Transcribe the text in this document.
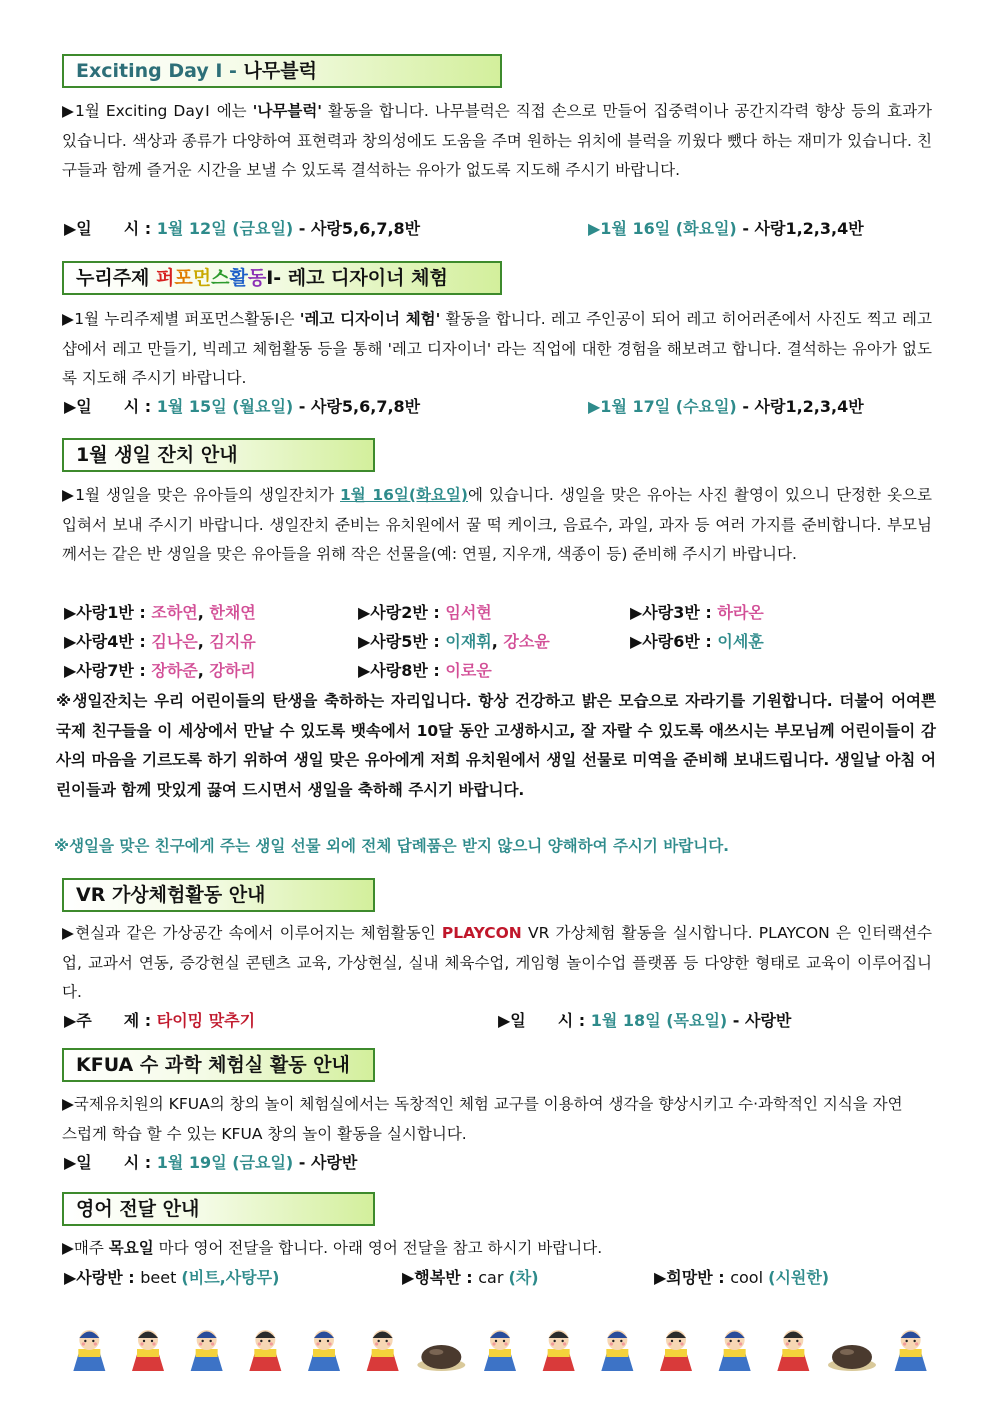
Exciting Day Ⅰ - 나무블럭
▶1월 Exciting DayⅠ 에는 '나무블럭' 활동을 합니다. 나무블럭은 직접 손으로 만들어 집중력이나 공간지각력 향상 등의 효과가 있습니다. 색상과 종류가 다양하여 표현력과 창의성에도 도움을 주며 원하는 위치에 블럭을 끼웠다 뺐다 하는 재미가 있습니다. 친구들과 함께 즐거운 시간을 보낼 수 있도록 결석하는 유아가 없도록 지도해 주시기 바랍니다.
▶일　　시 : 1월 12일 (금요일) - 사랑5,6,7,8반	▶1월 16일 (화요일) - 사랑1,2,3,4반
누리주제 퍼포먼스활동Ⅰ- 레고 디자이너 체험
▶1월 누리주제별 퍼포먼스활동Ⅰ은 '레고 디자이너 체험' 활동을 합니다. 레고 주인공이 되어 레고 히어러존에서 사진도 찍고 레고샵에서 레고 만들기, 빅레고 체험활동 등을 통해 '레고 디자이너' 라는 직업에 대한 경험을 해보려고 합니다. 결석하는 유아가 없도록 지도해 주시기 바랍니다.
▶일　　시 : 1월 15일 (월요일) - 사랑5,6,7,8반	▶1월 17일 (수요일) - 사랑1,2,3,4반
1월 생일 잔치 안내
▶1월 생일을 맞은 유아들의 생일잔치가 1월 16일(화요일)에 있습니다. 생일을 맞은 유아는 사진 촬영이 있으니 단정한 옷으로 입혀서 보내 주시기 바랍니다. 생일잔치 준비는 유치원에서 꿀 떡 케이크, 음료수, 과일, 과자 등 여러 가지를 준비합니다. 부모님께서는 같은 반 생일을 맞은 유아들을 위해 작은 선물을(예: 연필, 지우개, 색종이 등) 준비해 주시기 바랍니다.
▶사랑1반 : 조하연, 한채연	▶사랑2반 : 임서현	▶사랑3반 : 하라온
▶사랑4반 : 김나은, 김지유	▶사랑5반 : 이재휘, 강소윤	▶사랑6반 : 이세훈
▶사랑7반 : 장하준, 강하리	▶사랑8반 : 이로운
※생일잔치는 우리 어린이들의 탄생을 축하하는 자리입니다. 항상 건강하고 밝은 모습으로 자라기를 기원합니다. 더불어 어여쁜 국제 친구들을 이 세상에서 만날 수 있도록 뱃속에서 10달 동안 고생하시고, 잘 자랄 수 있도록 애쓰시는 부모님께 어린이들이 감사의 마음을 기르도록 하기 위하여 생일 맞은 유아에게 저희 유치원에서 생일 선물로 미역을 준비해 보내드립니다. 생일날 아침 어린이들과 함께 맛있게 끓여 드시면서 생일을 축하해 주시기 바랍니다.
※생일을 맞은 친구에게 주는 생일 선물 외에 전체 답례품은 받지 않으니 양해하여 주시기 바랍니다.
VR 가상체험활동 안내
▶현실과 같은 가상공간 속에서 이루어지는 체험활동인 PLAYCON VR 가상체험 활동을 실시합니다. PLAYCON 은 인터랙션수업, 교과서 연동, 증강현실 콘텐츠 교육, 가상현실, 실내 체육수업, 게임형 놀이수업 플랫폼 등 다양한 형태로 교육이 이루어집니다.
▶주　　제 : 타이밍 맞추기	▶일　　시 : 1월 18일 (목요일) - 사랑반
KFUA 수 과학 체험실 활동 안내
▶국제유치원의 KFUA의 창의 놀이 체험실에서는 독창적인 체험 교구를 이용하여 생각을 향상시키고 수·과학적인 지식을 자연스럽게 학습 할 수 있는 KFUA 창의 놀이 활동을 실시합니다.
▶일　　시 : 1월 19일 (금요일) - 사랑반
영어 전달 안내
▶매주 목요일 마다 영어 전달을 합니다. 아래 영어 전달을 참고 하시기 바랍니다.
▶사랑반 : beet (비트,사탕무)	▶행복반 : car (차)	▶희망반 : cool (시원한)
